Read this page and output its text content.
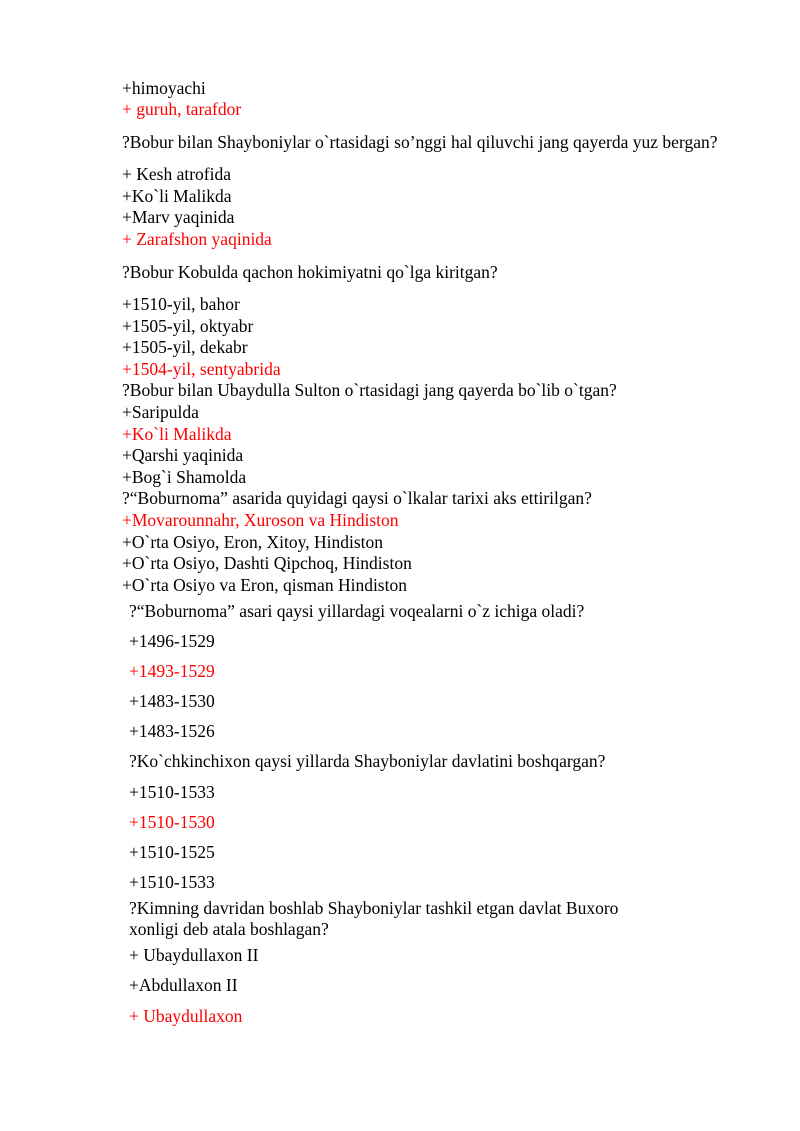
+himoyachi
+ guruh, tarafdor
?Bobur bilan Shayboniylar o`rtasidagi so’nggi hal qiluvchi jang qayerda yuz bergan?
+ Kesh atrofida
+Ko`li Malikda
+Marv yaqinida
+ Zarafshon yaqinida
?Bobur Kobulda qachon hokimiyatni qo`lga kiritgan?
+1510-yil, bahor
+1505-yil, oktyabr
+1505-yil, dekabr
+1504-yil, sentyabrida
?Bobur bilan Ubaydulla Sulton o`rtasidagi jang qayerda bo`lib o`tgan?
+Saripulda
+Ko`li Malikda
+Qarshi yaqinida
+Bog`i Shamolda
?“Boburnoma” asarida quyidagi qaysi o`lkalar tarixi aks ettirilgan?
+Movarounnahr, Xuroson va Hindiston
+O`rta Osiyo, Eron, Xitoy, Hindiston
+O`rta Osiyo, Dashti Qipchoq, Hindiston
+O`rta Osiyo va Eron, qisman Hindiston
?“Boburnoma” asari qaysi yillardagi voqealarni o`z ichiga oladi?
+1496-1529
+1493-1529
+1483-1530
+1483-1526
?Ko`chkinchixon qaysi yillarda Shayboniylar davlatini boshqargan?
+1510-1533
+1510-1530
+1510-1525
+1510-1533
?Kimning davridan boshlab Shayboniylar tashkil etgan davlat Buxoro
xonligi deb atala boshlagan?
+ Ubaydullaxon II
+Abdullaxon II
+ Ubaydullaxon
